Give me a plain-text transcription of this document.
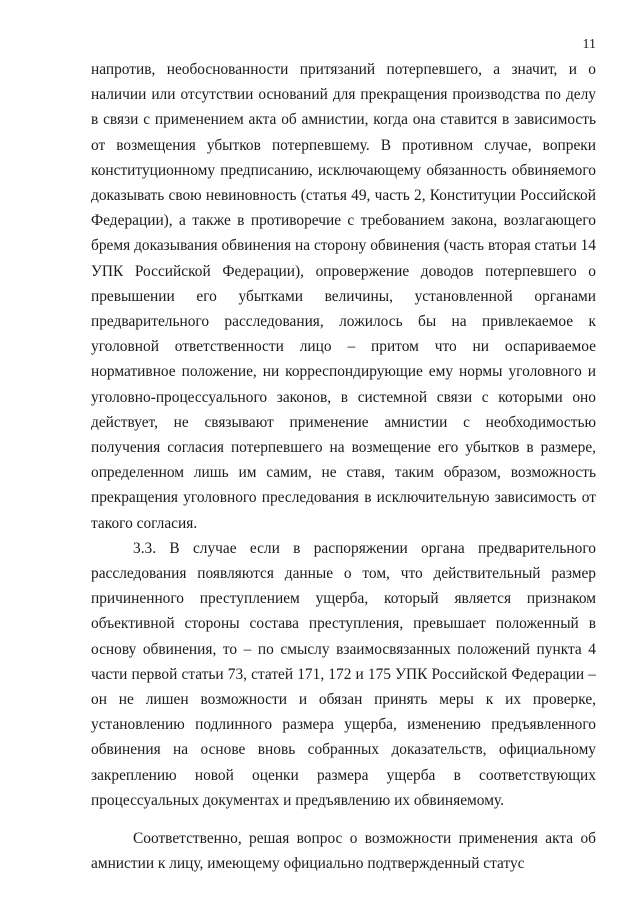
11

напротив, необоснованности притязаний потерпевшего, а значит, и о наличии или отсутствии оснований для прекращения производства по делу в связи с применением акта об амнистии, когда она ставится в зависимость от возмещения убытков потерпевшему. В противном случае, вопреки конституционному предписанию, исключающему обязанность обвиняемого доказывать свою невиновность (статья 49, часть 2, Конституции Российской Федерации), а также в противоречие с требованием закона, возлагающего бремя доказывания обвинения на сторону обвинения (часть вторая статьи 14 УПК Российской Федерации), опровержение доводов потерпевшего о превышении его убытками величины, установленной органами предварительного расследования, ложилось бы на привлекаемое к уголовной ответственности лицо – притом что ни оспариваемое нормативное положение, ни корреспондирующие ему нормы уголовного и уголовно-процессуального законов, в системной связи с которыми оно действует, не связывают применение амнистии с необходимостью получения согласия потерпевшего на возмещение его убытков в размере, определенном лишь им самим, не ставя, таким образом, возможность прекращения уголовного преследования в исключительную зависимость от такого согласия.

3.3. В случае если в распоряжении органа предварительного расследования появляются данные о том, что действительный размер причиненного преступлением ущерба, который является признаком объективной стороны состава преступления, превышает положенный в основу обвинения, то – по смыслу взаимосвязанных положений пункта 4 части первой статьи 73, статей 171, 172 и 175 УПК Российской Федерации – он не лишен возможности и обязан принять меры к их проверке, установлению подлинного размера ущерба, изменению предъявленного обвинения на основе вновь собранных доказательств, официальному закреплению новой оценки размера ущерба в соответствующих процессуальных документах и предъявлению их обвиняемому.

Соответственно, решая вопрос о возможности применения акта об амнистии к лицу, имеющему официально подтвержденный статус
